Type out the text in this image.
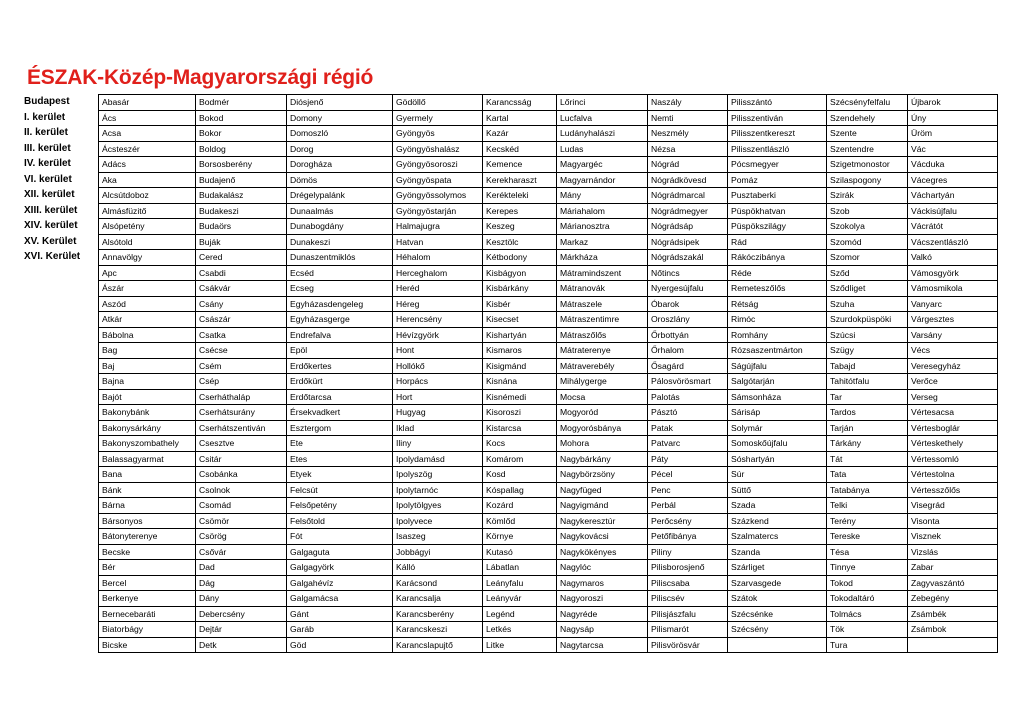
ÉSZAK-Közép-Magyarországi régió
Budapest
I. kerület
II. kerület
III. kerület
IV. kerület
VI. kerület
XII. kerület
XIII. kerület
XIV. kerület
XV. Kerület
XVI. Kerület
Abasár	Bodmér	Diósjenő	Gödöllő	Karancsság	Lőrinci	Naszály	Pilisszántó	Szécsényfelfalu	Újbarok
Ács	Bokod	Domony	Gyermely	Kartal	Lucfalva	Nemti	Pilisszentiván	Szendehely	Úny
Acsa	Bokor	Domoszló	Gyöngyös	Kazár	Ludányhalászi	Neszmély	Pilisszentkereszt	Szente	Üröm
Ácsteszér	Boldog	Dorog	Gyöngyöshalász	Kecskéd	Ludas	Nézsa	Pilisszentlászló	Szentendre	Vác
Adács	Borsosberény	Dorogháza	Gyöngyösoroszi	Kemence	Magyargéc	Nógrád	Pócsmegyer	Szigetmonostor	Vácduka
Aka	Budajenő	Dömös	Gyöngyöspata	Kerekharaszt	Magyarnándor	Nógrádkövesd	Pomáz	Szilaspogony	Vácegres
Alcsútdoboz	Budakalász	Drégelypalánk	Gyöngyössolymos	Kerékteleki	Mány	Nógrádmarcal	Pusztaberki	Szirák	Váchartyán
Almásfüzitő	Budakeszi	Dunaalmás	Gyöngyöstarján	Kerepes	Máriahalom	Nógrádmegyer	Püspökhatvan	Szob	Váckisújfalu
Alsópetény	Budaörs	Dunabogdány	Halmajugra	Keszeg	Márianosztra	Nógrádsáp	Püspökszilágy	Szokolya	Vácrátót
Alsótold	Buják	Dunakeszi	Hatvan	Kesztölc	Markaz	Nógrádsipek	Rád	Szomód	Vácszentlászló
Annavölgy	Cered	Dunaszentmiklós	Héhalom	Kétbodony	Márkháza	Nógrádszakál	Rákóczibánya	Szomor	Valkó
Apc	Csabdi	Ecséd	Herceghalom	Kisbágyon	Mátramindszent	Nőtincs	Réde	Sződ	Vámosgyörk
Ászár	Csákvár	Ecseg	Heréd	Kisbárkány	Mátranovák	Nyergesújfalu	Remeteszőlős	Sződliget	Vámosmikola
Aszód	Csány	Egyházasdengeleg	Héreg	Kisbér	Mátraszele	Óbarok	Rétság	Szuha	Vanyarc
Atkár	Császár	Egyházasgerge	Herencsény	Kisecset	Mátraszentimre	Oroszlány	Rimóc	Szurdokpüspöki	Várgesztes
Bábolna	Csatka	Endrefalva	Hévízgyörk	Kishartyán	Mátraszőlős	Őrbottyán	Romhány	Szúcsi	Varsány
Bag	Csécse	Epöl	Hont	Kismaros	Mátraterenye	Őrhalom	Rózsaszentmárton	Szügy	Vécs
Baj	Csém	Erdőkertes	Hollókő	Kisigmánd	Mátraverebély	Ősagárd	Ságújfalu	Tabajd	Veresegyház
Bajna	Csép	Erdőkürt	Horpács	Kisnána	Mihálygerge	Pálosvörösmart	Salgótarján	Tahitótfalu	Verőce
Bajót	Cserháthaláp	Erdőtarcsa	Hort	Kisnémedi	Mocsa	Palotás	Sámsonháza	Tar	Verseg
Bakonybánk	Cserhátsurány	Érsekvadkert	Hugyag	Kisoroszi	Mogyoród	Pásztó	Sárisáp	Tardos	Vértesacsa
Bakonysárkány	Cserhátszentiván	Esztergom	Iklad	Kistarcsa	Mogyorósbánya	Patak	Solymár	Tarján	Vértesboglár
Bakonyszombathely	Csesztve	Ete	Iliny	Kocs	Mohora	Patvarc	Somoskőújfalu	Tárkány	Vérteskethely
Balassagyarmat	Csitár	Etes	Ipolydamásd	Komárom	Nagybárkány	Páty	Sóshartyán	Tát	Vértessomló
Bana	Csobánka	Etyek	Ipolyszög	Kosd	Nagybörzsöny	Pécel	Súr	Tata	Vértestolna
Bánk	Csolnok	Felcsút	Ipolytarnóc	Kóspallag	Nagyfüged	Penc	Süttő	Tatabánya	Vértesszőlős
Bárna	Csomád	Felsőpetény	Ipolytölgyes	Kozárd	Nagyigmánd	Perbál	Szada	Telki	Visegrád
Bársonyos	Csömör	Felsőtold	Ipolyvece	Kömlőd	Nagykeresztúr	Perőcsény	Százkend	Terény	Visonta
Bátonyterenye	Csörög	Fót	Isaszeg	Környe	Nagykovácsi	Petőfibánya	Szalmatercs	Tereske	Visznek
Becske	Csővár	Galgaguta	Jobbágyi	Kutasó	Nagykökényes	Piliny	Szanda	Tésa	Vizslás
Bér	Dad	Galgagyörk	Kálló	Lábatlan	Nagylóc	Pilisborosjenő	Szárliget	Tinnye	Zabar
Bercel	Dág	Galgahévíz	Karácsond	Leányfalu	Nagymaros	Piliscsaba	Szarvasgede	Tokod	Zagyvaszántó
Berkenye	Dány	Galgamácsa	Karancsalja	Leányvár	Nagyoroszi	Piliscsév	Szátok	Tokodaltáró	Zebegény
Bernecebaráti	Debercsény	Gánt	Karancsberény	Legénd	Nagyréde	Pilisjászfalu	Szécsénke	Tolmács	Zsámbék
Biatorbágy	Dejtár	Garáb	Karancskeszi	Letkés	Nagysáp	Pilismarót	Szécsény	Tök	Zsámbok
Bicske	Detk	Göd	Karancslapujtő	Litke	Nagytarcsa	Pilisvörösvár		Tura	
